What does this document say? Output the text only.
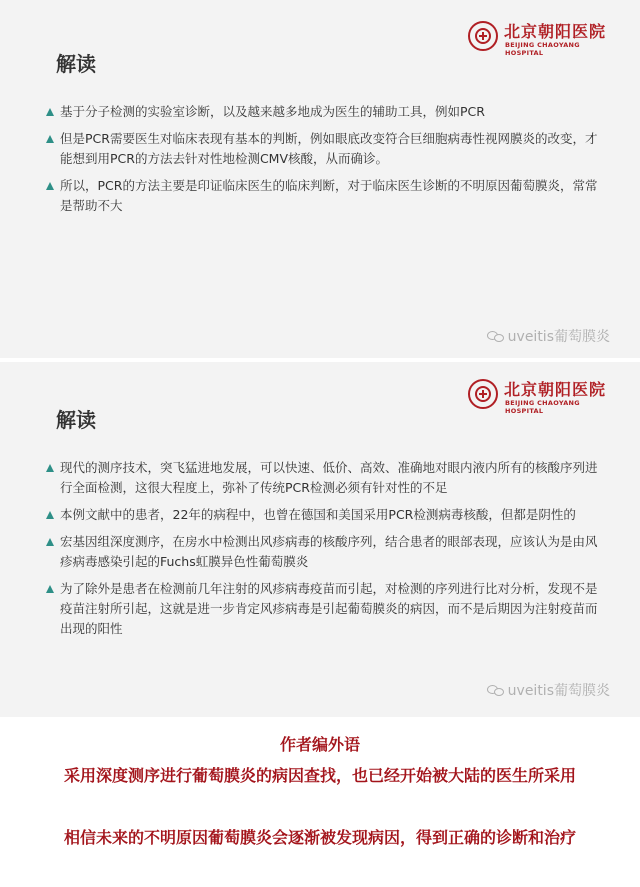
北京朝阳医院
BEIJING CHAOYANG HOSPITAL
解读
基于分子检测的实验室诊断，以及越来越多地成为医生的辅助工具，例如PCR
但是PCR需要医生对临床表现有基本的判断，例如眼底改变符合巨细胞病毒性视网膜炎的改变，才能想到用PCR的方法去针对性地检测CMV核酸，从而确诊。
所以，PCR的方法主要是印证临床医生的临床判断，对于临床医生诊断的不明原因葡萄膜炎，常常是帮助不大
uveitis葡萄膜炎
北京朝阳医院
BEIJING CHAOYANG HOSPITAL
解读
现代的测序技术，突飞猛进地发展，可以快速、低价、高效、准确地对眼内液内所有的核酸序列进行全面检测，这很大程度上，弥补了传统PCR检测必须有针对性的不足
本例文献中的患者，22年的病程中，也曾在德国和美国采用PCR检测病毒核酸，但都是阴性的
宏基因组深度测序，在房水中检测出风疹病毒的核酸序列，结合患者的眼部表现，应该认为是由风疹病毒感染引起的Fuchs虹膜异色性葡萄膜炎
为了除外是患者在检测前几年注射的风疹病毒疫苗而引起，对检测的序列进行比对分析，发现不是疫苗注射所引起，这就是进一步肯定风疹病毒是引起葡萄膜炎的病因，而不是后期因为注射疫苗而出现的阳性
uveitis葡萄膜炎
作者编外语

采用深度测序进行葡萄膜炎的病因查找，也已经开始被大陆的医生所采用

相信未来的不明原因葡萄膜炎会逐渐被发现病因，得到正确的诊断和治疗
